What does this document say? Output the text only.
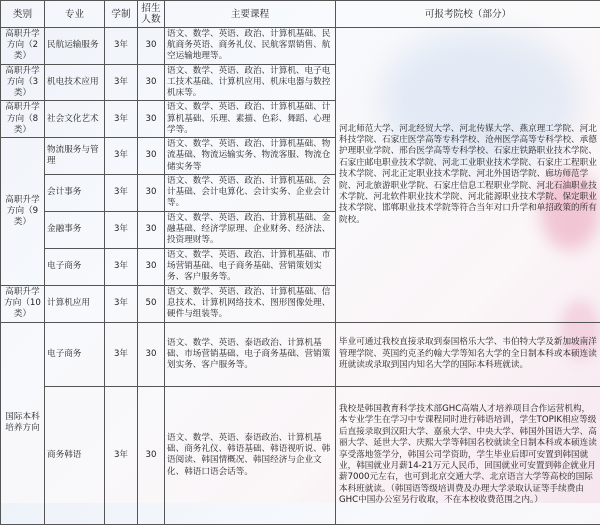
类别	专业	学制	招生人数	主要课程	可报考院校（部分）
高职升学方向（2类）	民航运输服务	3年	30	语文、数学、英语、政治、计算机基础、民航商务英语、商务礼仪、民航客票销售、航空运输地理等。	河北师范大学、河北经贸大学、河北传媒大学、燕京理工学院、河北科技学院、石家庄医学高等专科学校、沧州医学高等专科学校、承德护理职业学院、邢台医学高等专科学校、石家庄铁路职业技术学院、石家庄邮电职业技术学院、河北工业职业技术学院、石家庄工程职业技术学院、河北正定职业技术学院、河北外国语学院、廊坊师范学院、河北旅游职业学院、石家庄信息工程职业学院、河北石油职业技术学院、河北软件职业技术学院、河北能源职业技术学院、保定职业技术学院、邯郸职业技术学院等符合当年对口升学和单招政策的所有院校。
高职升学方向（3类）	机电技术应用	3年	30	语文、数学、英语、政治、计算机、电子电工技术基础、计算机应用、机床电器与数控机床等。	
高职升学方向（8类）	社会文化艺术	3年	30	语文、数学、英语、政治、计算机基础、计算机基础、乐理、素描、色彩、舞蹈、心理学等。	
高职升学方向（9类）	物流服务与管理	3年	30	语文、数学、英语、政治、计算机基础、物流基础、物流运输实务、物流客服、物流仓储实务等	
	会计事务	3年	30	语文、数学、英语、政治、计算机基础、会计基础、会计电算化、会计实务、企业会计等。	
	金融事务	3年	30	语文、数学、英语、政治、计算机基础、金融基础、经济学原理、企业财务、经济法、投资理财等。	
	电子商务	3年	30	语文、数学、英语、政治、计算机基础、市场营销基础、电子商务基础、营销策划实务、客户服务等。	
高职升学方向（10类）	计算机应用	3年	50	语文、数学、英语、政治、计算机基础、信息技术、计算机网络技术、图形图像处理、硬件与组装等。	
国际本科培养方向	电子商务	3年	30	语文、数学、英语、泰语政治、计算机基础、市场营销基础、电子商务基础、营销策划实务、客户服务等。	毕业可通过我校直接录取到泰国格乐大学、韦伯特大学及新加坡南洋管理学院、英国约克圣约翰大学等知名大学的全日制本科或本硕连读班就读或录取到国内知名大学的国际本科班就读。
	商务韩语	3年	30	语文、数学、英语、泰语政治、计算机基础、商务礼仪、韩语基础、韩语视听说、韩语阅读、韩国情概况、韩国经济与企业文化、韩语口语会话等。	我校是韩国教育科学技术部GHC高端人才培养项目合作运营机构，本专业学生在学习中专课程同时进行韩语培训，学生TOPIK相应等级后直接录取到汉阳大学、嘉泉大学、中央大学、韩国外国语大学、高丽大学、延世大学、庆熙大学等韩国名校就读全日制本科或本硕连读享受落地签学分，韩国公司学资助，学生毕业后即可安置到韩国就业，韩国就业月薪14-21万元人民币，回国就业可安置到韩企就业月薪7000元左右，也可到北京交通大学、北京语言大学等高校的国际本科班就读。（韩国语等级培训费及办理大学录取认证等手续费由GHC中国办公室另行收取，不在本校收费范围之内。）
